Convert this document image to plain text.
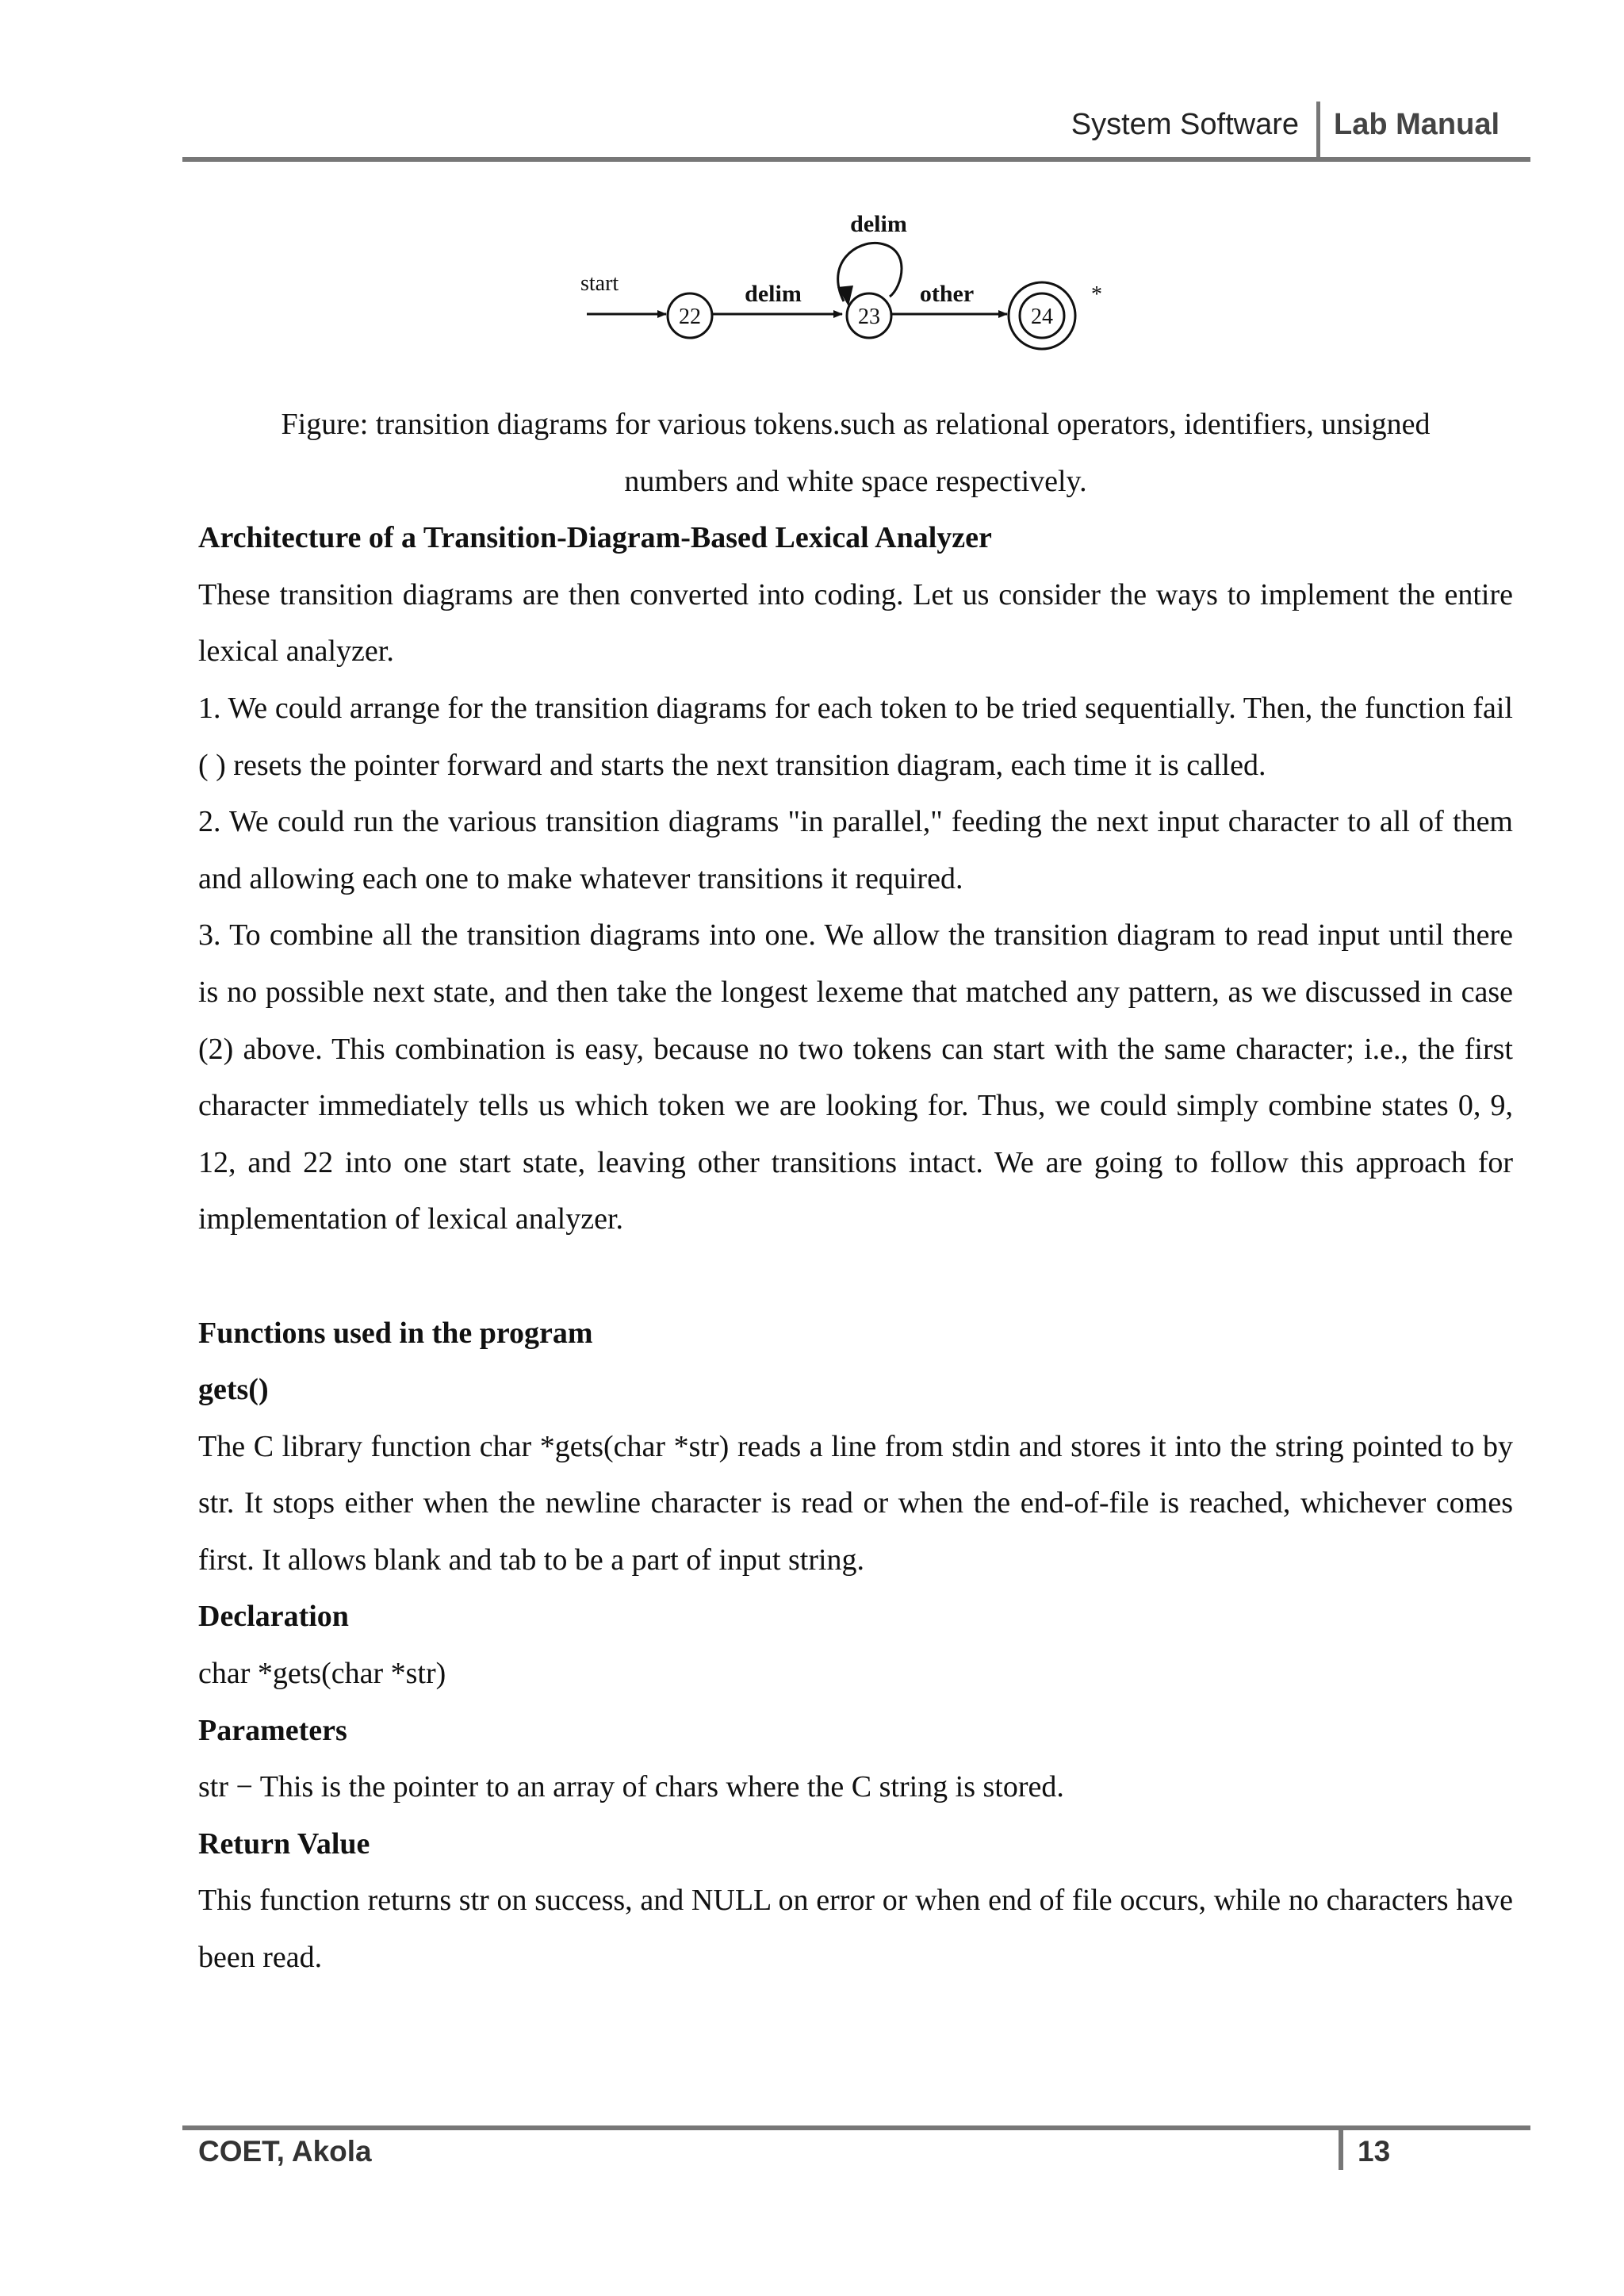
System Software Lab Manual
start
22
delim
23
delim
other
24
*
Figure: transition diagrams for various tokens.such as relational operators, identifiers, unsigned numbers and white space respectively.

Architecture of a Transition-Diagram-Based Lexical Analyzer

These transition diagrams are then converted into coding. Let us consider the ways to implement the entire lexical analyzer.

1. We could arrange for the transition diagrams for each token to be tried sequentially. Then, the function fail ( ) resets the pointer forward and starts the next transition diagram, each time it is called.

2. We could run the various transition diagrams "in parallel," feeding the next input character to all of them and allowing each one to make whatever transitions it required.

3. To combine all the transition diagrams into one. We allow the transition diagram to read input until there is no possible next state, and then take the longest lexeme that matched any pattern, as we discussed in case (2) above. This combination is easy, because no two tokens can start with the same character; i.e., the first character immediately tells us which token we are looking for. Thus, we could simply combine states 0, 9, 12, and 22 into one start state, leaving other transitions intact. We are going to follow this approach for implementation of lexical analyzer.

Functions used in the program

gets()

The C library function char *gets(char *str) reads a line from stdin and stores it into the string pointed to by str. It stops either when the newline character is read or when the end-of-file is reached, whichever comes first. It allows blank and tab to be a part of input string.

Declaration

char *gets(char *str)

Parameters

str − This is the pointer to an array of chars where the C string is stored.

Return Value

This function returns str on success, and NULL on error or when end of file occurs, while no characters have been read.

COET, Akola	13
